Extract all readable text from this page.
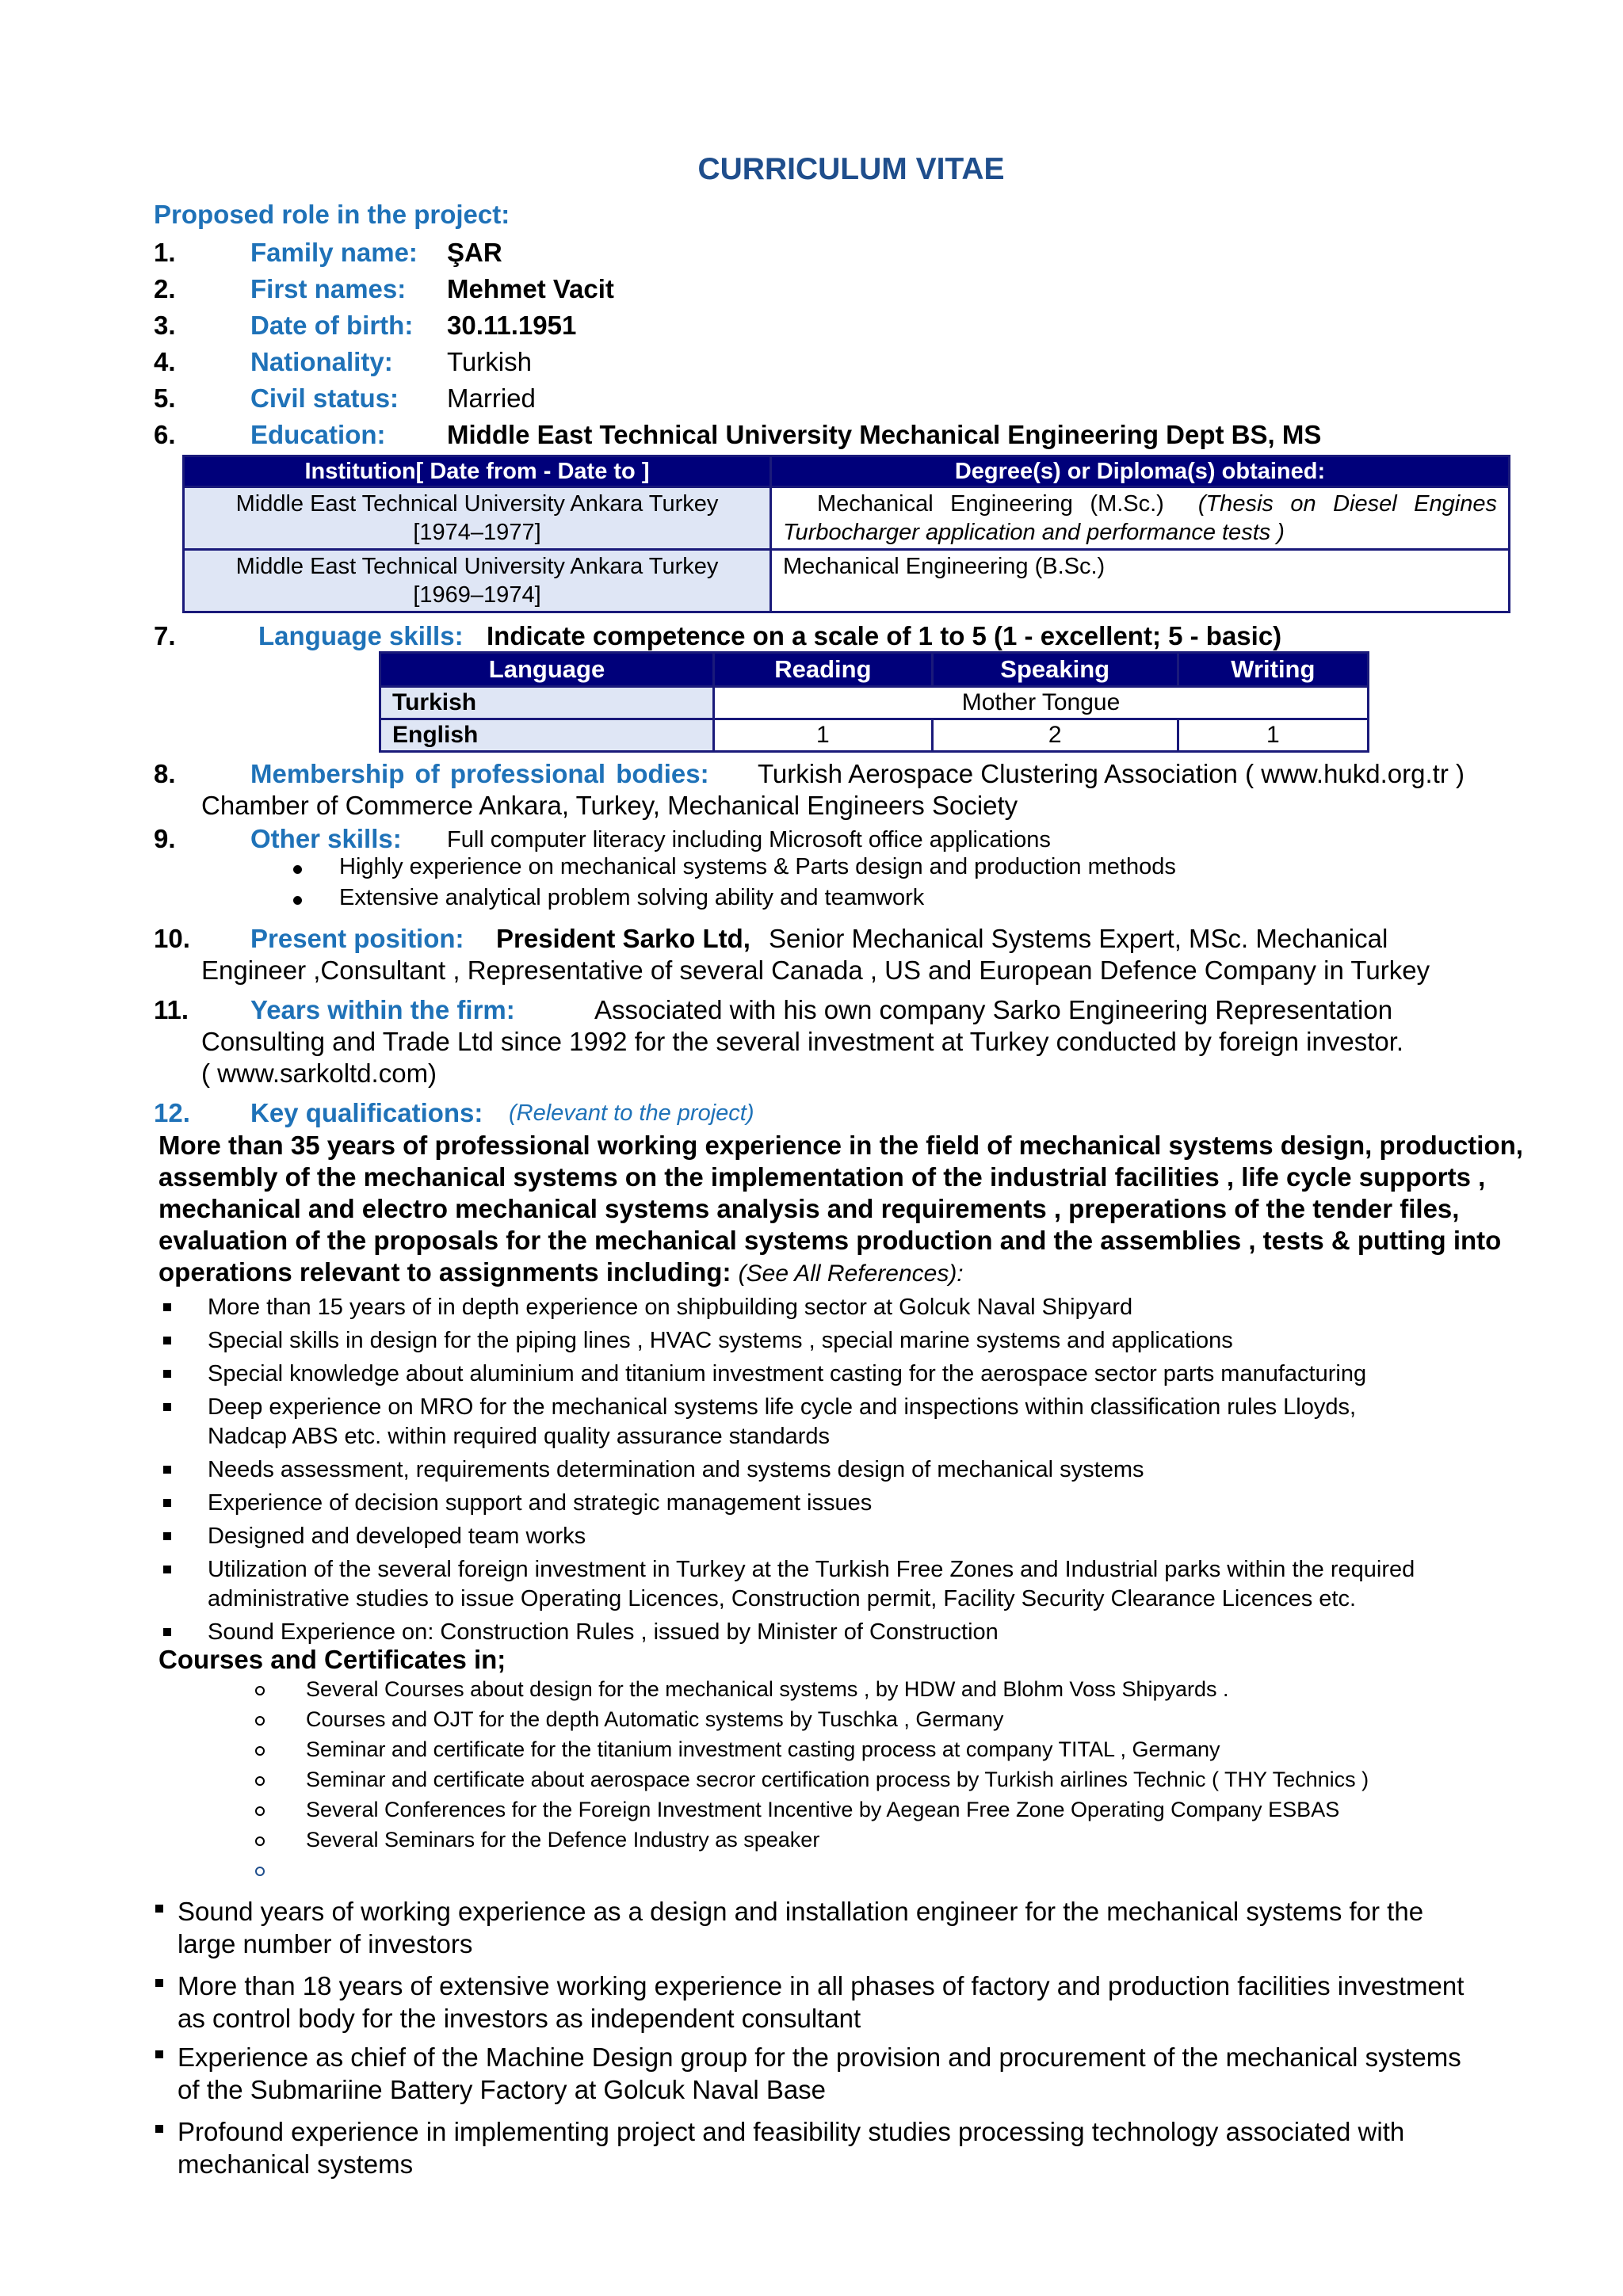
CURRICULUM VITAE
Proposed role in the project:
1.	Family name: ŞAR
2.	First names: Mehmet Vacit
3.	Date of birth: 30.11.1951
4.	Nationality: Turkish
5.	Civil status: Married
6.	Education: Middle East Technical University Mechanical Engineering Dept BS, MS
Institution[ Date from - Date to ]	Degree(s) or Diploma(s) obtained:

Middle East Technical University Ankara Turkey
[1974–1977]	Mechanical Engineering (M.Sc.) (Thesis on Diesel Engines Turbocharger application and performance tests )

Middle East Technical University Ankara Turkey
[1969–1974]	Mechanical Engineering (B.Sc.)
7.	Language skills: Indicate competence on a scale of 1 to 5 (1 - excellent; 5 - basic)
Language	Reading	Speaking	Writing
Turkish	Mother Tongue		
English	1	2	1
8.	Membership of professional bodies: Turkish Aerospace Clustering Association ( www.hukd.org.tr )
Chamber of Commerce Ankara, Turkey, Mechanical Engineers Society
9.	Other skills: Full computer literacy including Microsoft office applications
Highly experience on mechanical systems & Parts design and production methods
Extensive analytical problem solving ability and teamwork
10. Present position: President Sarko Ltd, Senior Mechanical Systems Expert, MSc. Mechanical
Engineer ,Consultant , Representative of several Canada , US and European Defence Company in Turkey
11. Years within the firm:	Associated with his own company Sarko Engineering Representation
Consulting and Trade Ltd since 1992 for the several investment at Turkey conducted by foreign investor.
( www.sarkoltd.com)
12. Key qualifications: (Relevant to the project)
More than 35 years of professional working experience in the field of mechanical systems design, production, assembly of the mechanical systems on the implementation of the industrial facilities , life cycle supports , mechanical and electro mechanical systems analysis and requirements , preperations of the tender files, evaluation of the proposals for the mechanical systems production and the assemblies , tests & putting into operations relevant to assignments including: (See All References):
More than 15 years of in depth experience on shipbuilding sector at Golcuk Naval Shipyard
Special skills in design for the piping lines , HVAC systems , special marine systems and applications
Special knowledge about aluminium and titanium investment casting for the aerospace sector parts manufacturing
Deep experience on MRO for the mechanical systems life cycle and inspections within classification rules Lloyds,
Nadcap ABS etc. within required quality assurance standards
Needs assessment, requirements determination and systems design of mechanical systems
Experience of decision support and strategic management issues
Designed and developed team works
Utilization of the several foreign investment in Turkey at the Turkish Free Zones and Industrial parks within the required
administrative studies to issue Operating Licences, Construction permit, Facility Security Clearance Licences etc.
Sound Experience on: Construction Rules , issued by Minister of Construction
Courses and Certificates in;
Several Courses about design for the mechanical systems , by HDW and Blohm Voss Shipyards .
Courses and OJT for the depth Automatic systems by Tuschka , Germany
Seminar and certificate for the titanium investment casting process at company TITAL , Germany
Seminar and certificate about aerospace secror certification process by Turkish airlines Technic ( THY Technics )
Several Conferences for the Foreign Investment Incentive by Aegean Free Zone Operating Company ESBAS
Several Seminars for the Defence Industry as speaker
Sound years of working experience as a design and installation engineer for the mechanical systems for the
large number of investors
More than 18 years of extensive working experience in all phases of factory and production facilities investment
as control body for the investors as independent consultant
Experience as chief of the Machine Design group for the provision and procurement of the mechanical systems
of the Submariine Battery Factory at Golcuk Naval Base
Profound experience in implementing project and feasibility studies processing technology associated with
mechanical systems
